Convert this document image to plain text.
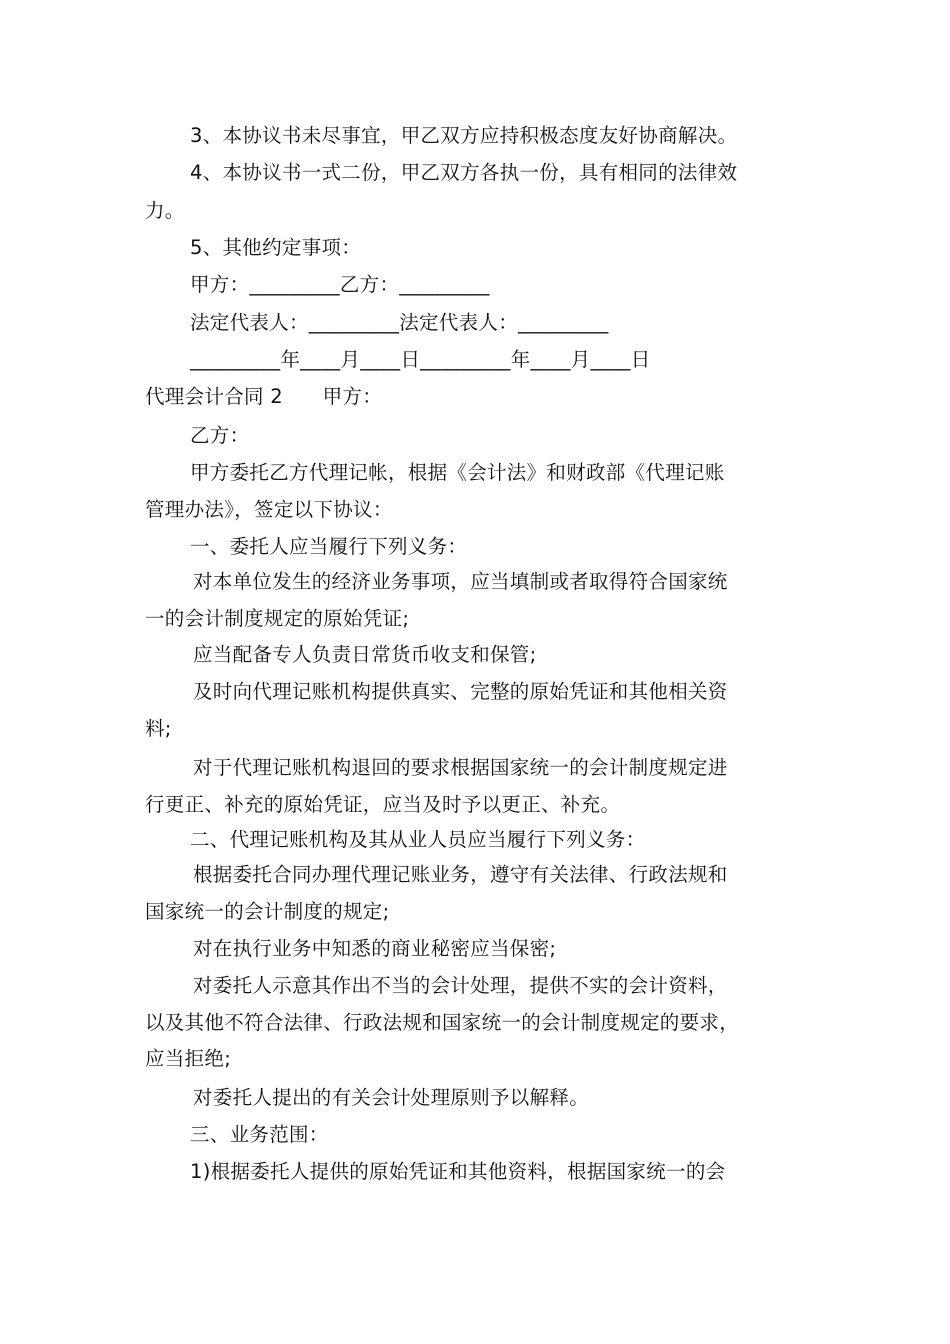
3、本协议书未尽事宜，甲乙双方应持积极态度友好协商解决。
4、本协议书一式二份，甲乙双方各执一份，具有相同的法律效
力。
5、其他约定事项：
甲方：_________乙方：_________
法定代表人：_________法定代表人：_________
_________年____月____日_________年____月____日
代理会计合同 2　　甲方：
乙方：
甲方委托乙方代理记帐，根据《会计法》和财政部《代理记账
管理办法》，签定以下协议：
一、委托人应当履行下列义务：
对本单位发生的经济业务事项，应当填制或者取得符合国家统
一的会计制度规定的原始凭证;
应当配备专人负责日常货币收支和保管;
及时向代理记账机构提供真实、完整的原始凭证和其他相关资
料;
对于代理记账机构退回的要求根据国家统一的会计制度规定进
行更正、补充的原始凭证，应当及时予以更正、补充。
二、代理记账机构及其从业人员应当履行下列义务：
根据委托合同办理代理记账业务，遵守有关法律、行政法规和
国家统一的会计制度的规定;
对在执行业务中知悉的商业秘密应当保密;
对委托人示意其作出不当的会计处理，提供不实的会计资料，
以及其他不符合法律、行政法规和国家统一的会计制度规定的要求，
应当拒绝;
对委托人提出的有关会计处理原则予以解释。
三、业务范围：
1)根据委托人提供的原始凭证和其他资料，根据国家统一的会
